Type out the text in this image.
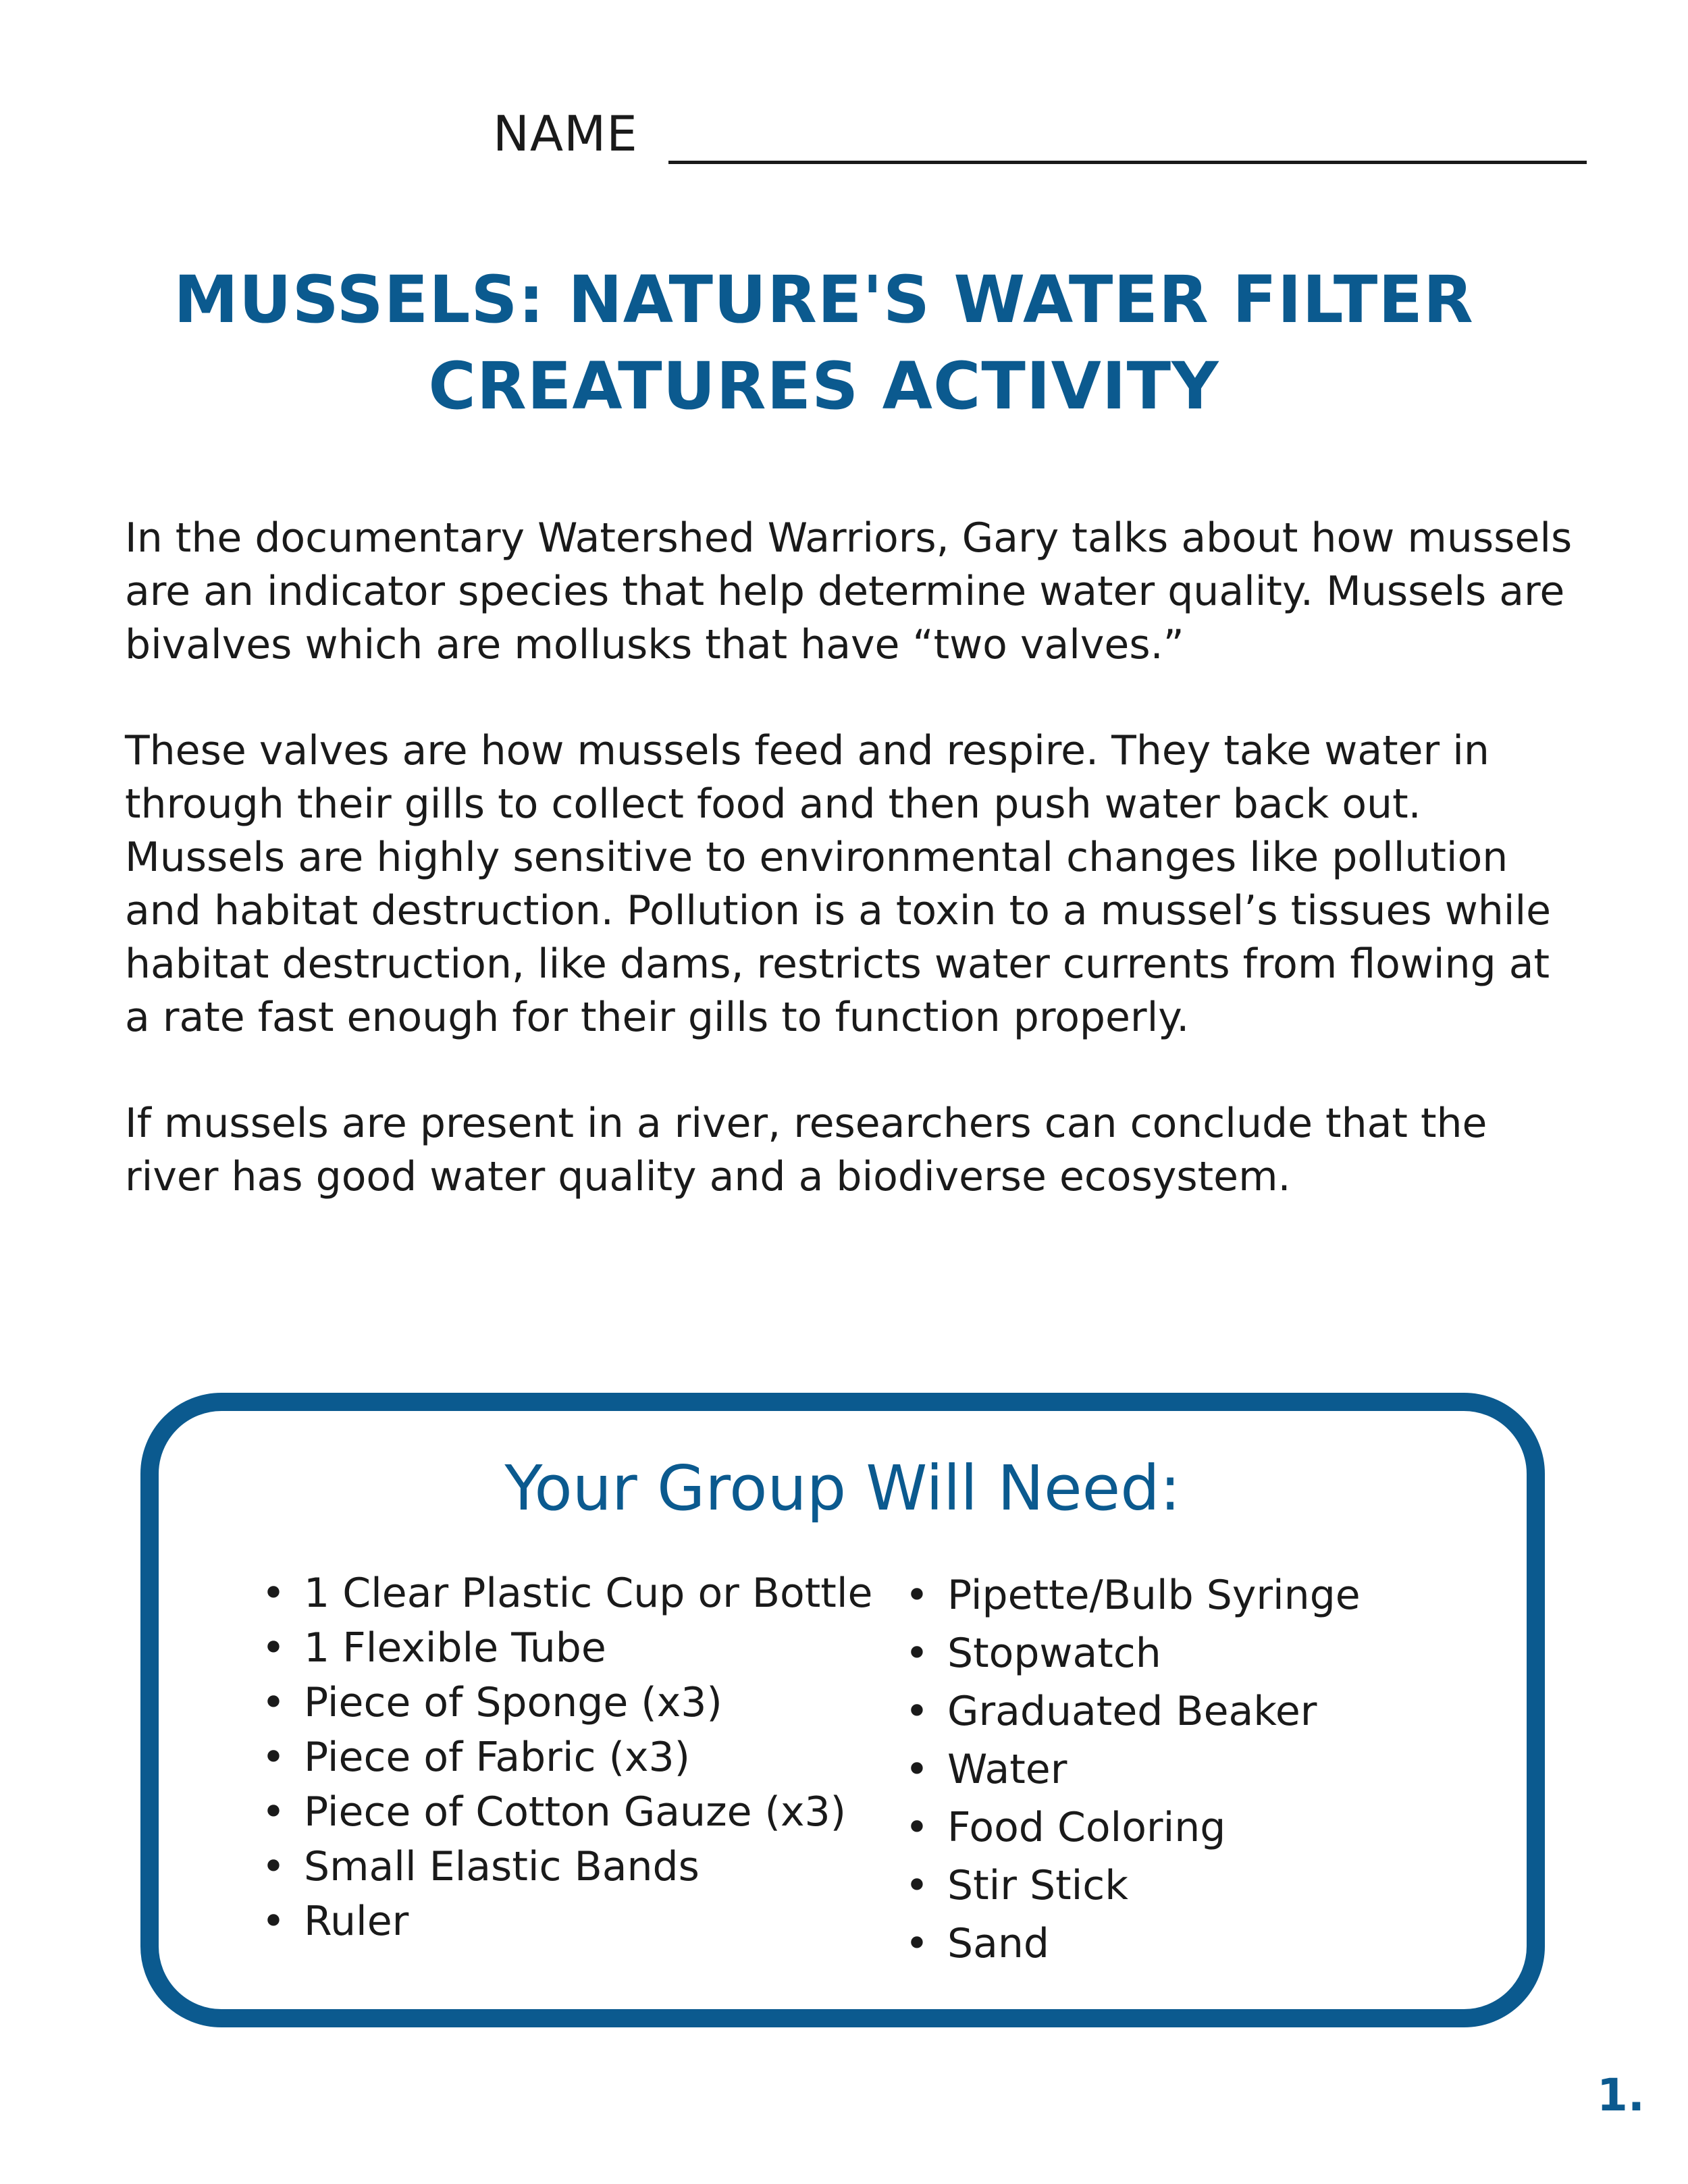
NAME
MUSSELS: NATURE'S WATER FILTER
CREATURES ACTIVITY

In the documentary Watershed Warriors, Gary talks about how mussels are an indicator species that help determine water quality. Mussels are bivalves which are mollusks that have “two valves.”

These valves are how mussels feed and respire. They take water in through their gills to collect food and then push water back out. Mussels are highly sensitive to environmental changes like pollution and habitat destruction. Pollution is a toxin to a mussel’s tissues while habitat destruction, like dams, restricts water currents from flowing at a rate fast enough for their gills to function properly.

If mussels are present in a river, researchers can conclude that the river has good water quality and a biodiverse ecosystem.

Your Group Will Need:
• 1 Clear Plastic Cup or Bottle
• 1 Flexible Tube
• Piece of Sponge (x3)
• Piece of Fabric (x3)
• Piece of Cotton Gauze (x3)
• Small Elastic Bands
• Ruler
• Pipette/Bulb Syringe
• Stopwatch
• Graduated Beaker
• Water
• Food Coloring
• Stir Stick
• Sand
1.
